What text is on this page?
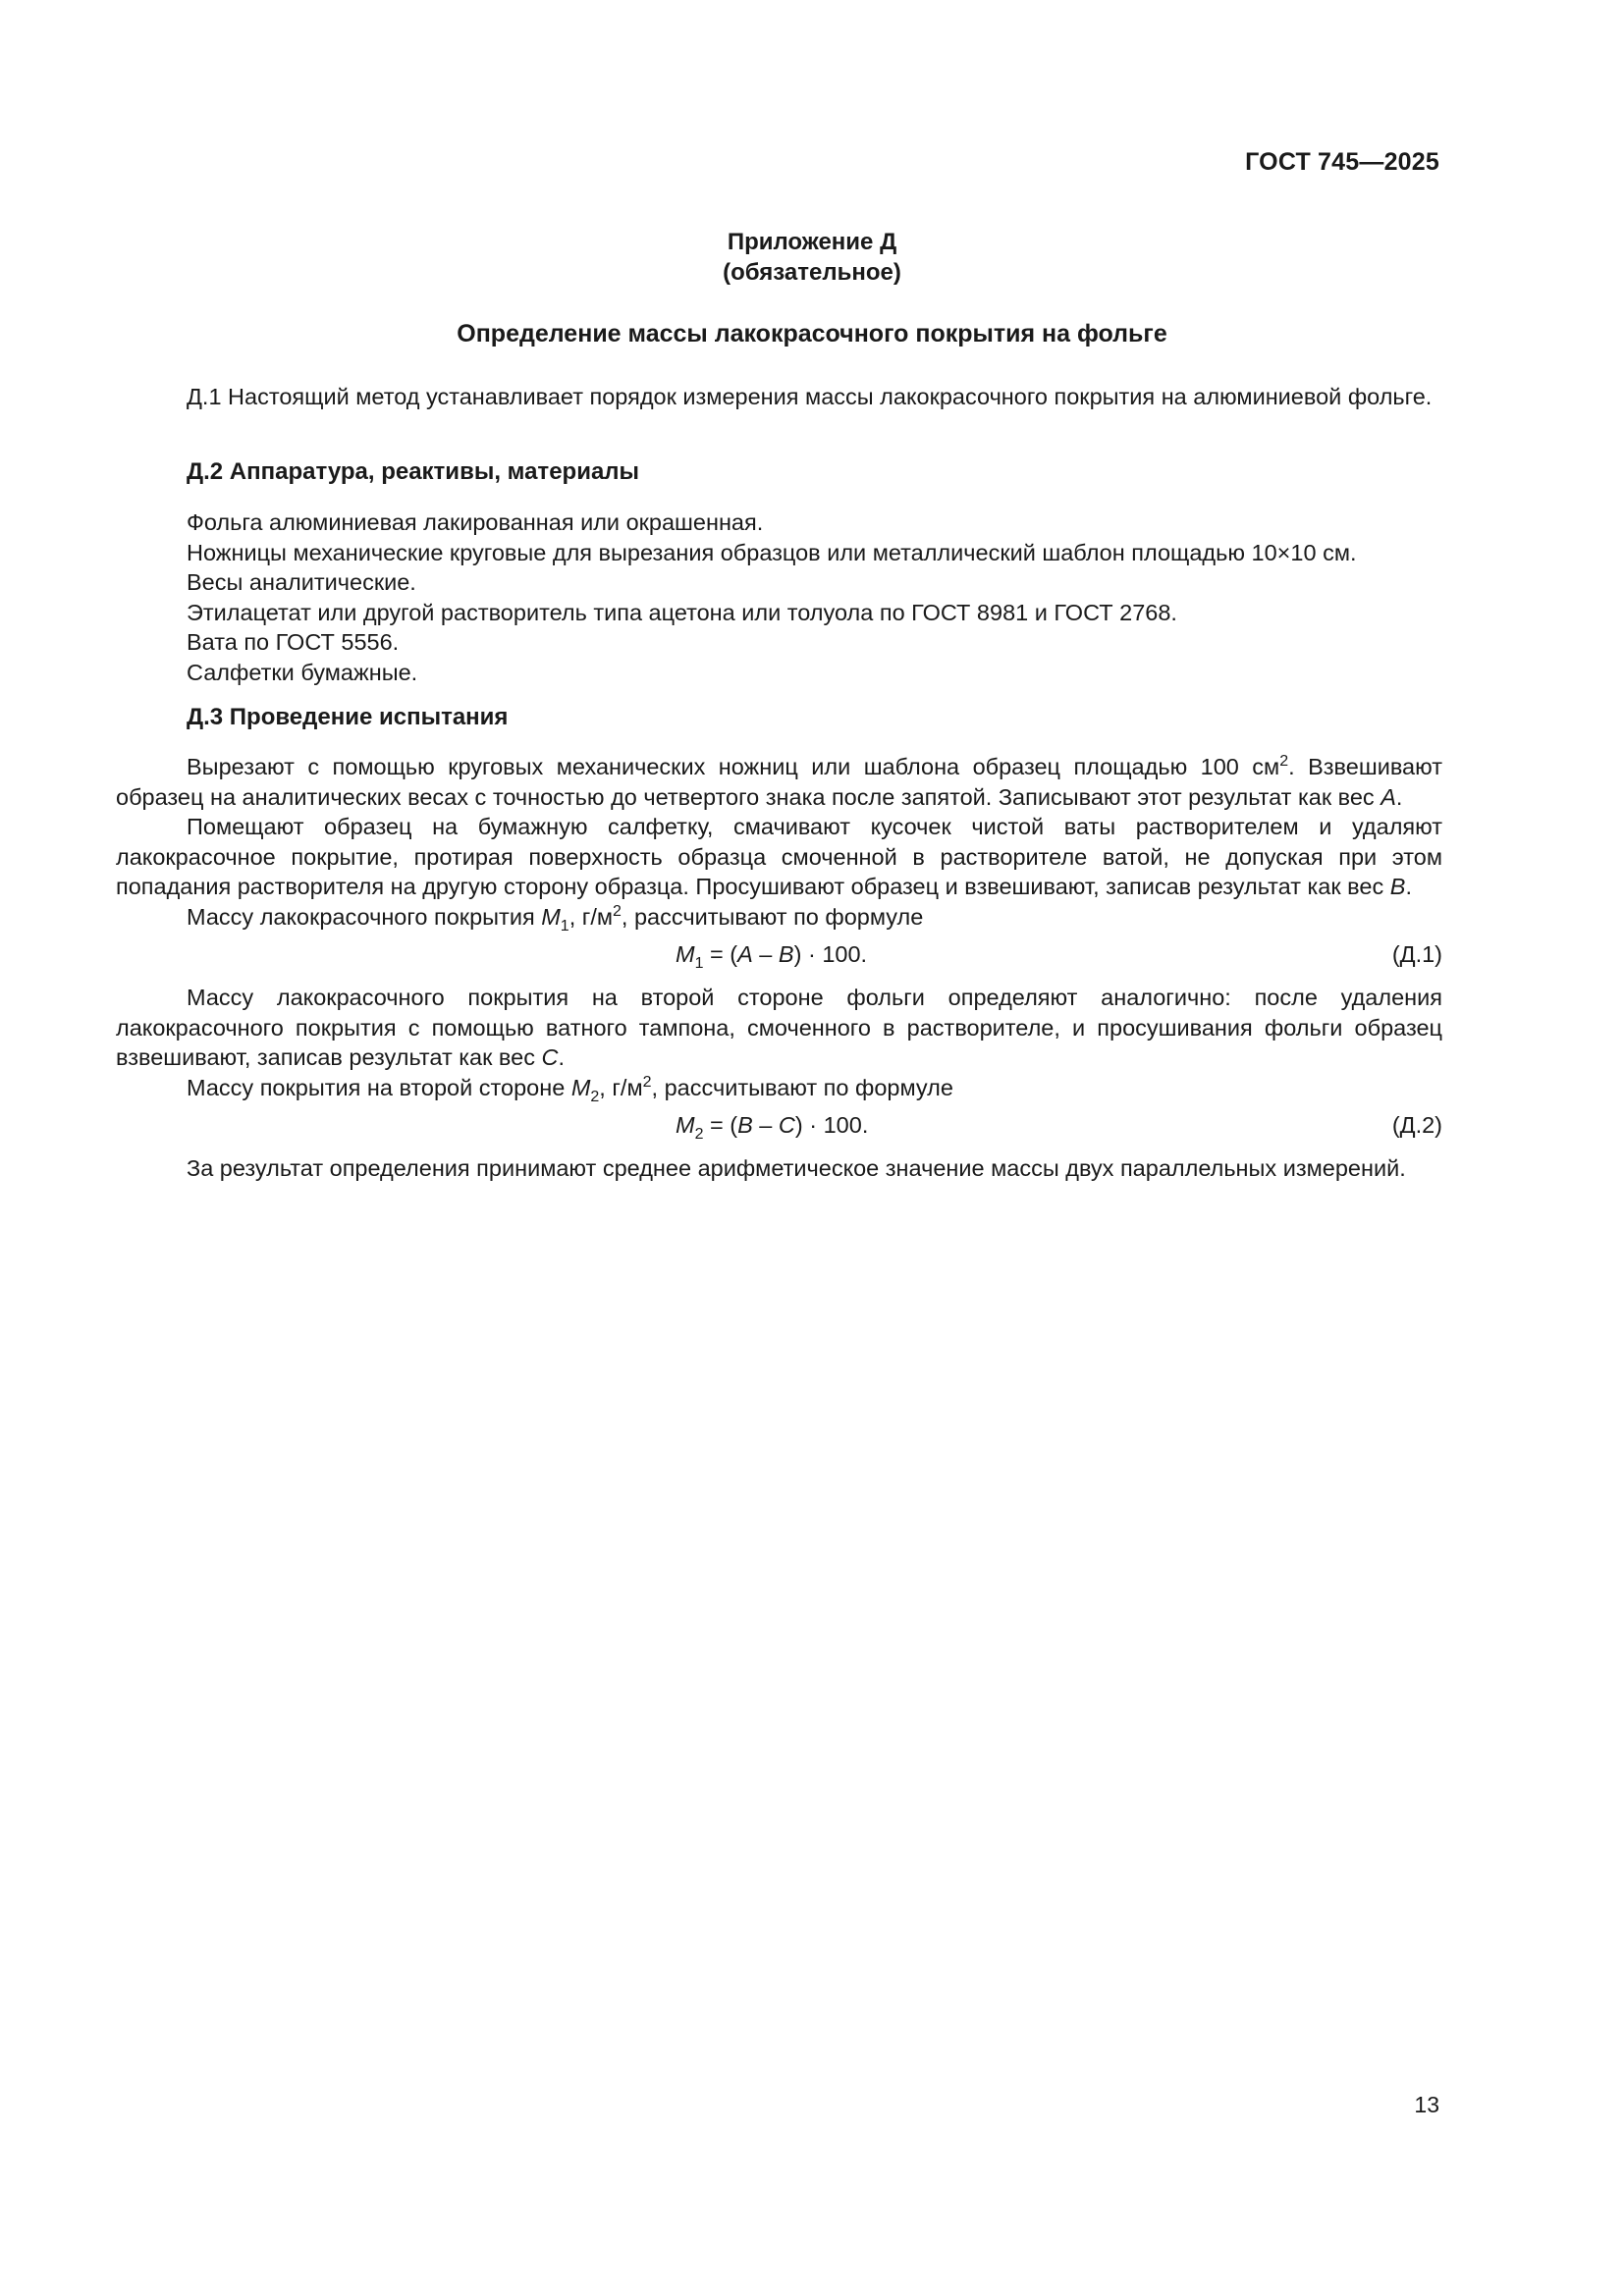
ГОСТ 745—2025
Приложение Д
(обязательное)
Определение массы лакокрасочного покрытия на фольге

Д.1 Настоящий метод устанавливает порядок измерения массы лакокрасочного покрытия на алюминиевой фольге.

Д.2 Аппаратура, реактивы, материалы

Фольга алюминиевая лакированная или окрашенная.

Ножницы механические круговые для вырезания образцов или металлический шаблон площадью 10×10 см.

Весы аналитические.

Этилацетат или другой растворитель типа ацетона или толуола по ГОСТ 8981 и ГОСТ 2768.

Вата по ГОСТ 5556.

Салфетки бумажные.

Д.3 Проведение испытания

Вырезают с помощью круговых механических ножниц или шаблона образец площадью 100 $см^2$. Взвешивают образец на аналитических весах с точностью до четвертого знака после запятой. Записывают этот результат как вес А.

Помещают образец на бумажную салфетку, смачивают кусочек чистой ваты растворителем и удаляют лакокрасочное покрытие, протирая поверхность образца смоченной в растворителе ватой, не допуская при этом попадания растворителя на другую сторону образца. Просушивают образец и взвешивают, записав результат как вес В.

Массу лакокрасочного покрытия $М_1$, $г/м^2$, рассчитывают по формуле

$М_1 = (А - В) \cdot 100$.	(Д.1)

Массу лакокрасочного покрытия на второй стороне фольги определяют аналогично: после удаления лакокрасочного покрытия с помощью ватного тампона, смоченного в растворителе, и просушивания фольги образец взвешивают, записав результат как вес С.

Массу покрытия на второй стороне $М_2$, $г/м^2$, рассчитывают по формуле

$М_2 = (В - С) \cdot 100$.	(Д.2)

За результат определения принимают среднее арифметическое значение массы двух параллельных измерений.

13
